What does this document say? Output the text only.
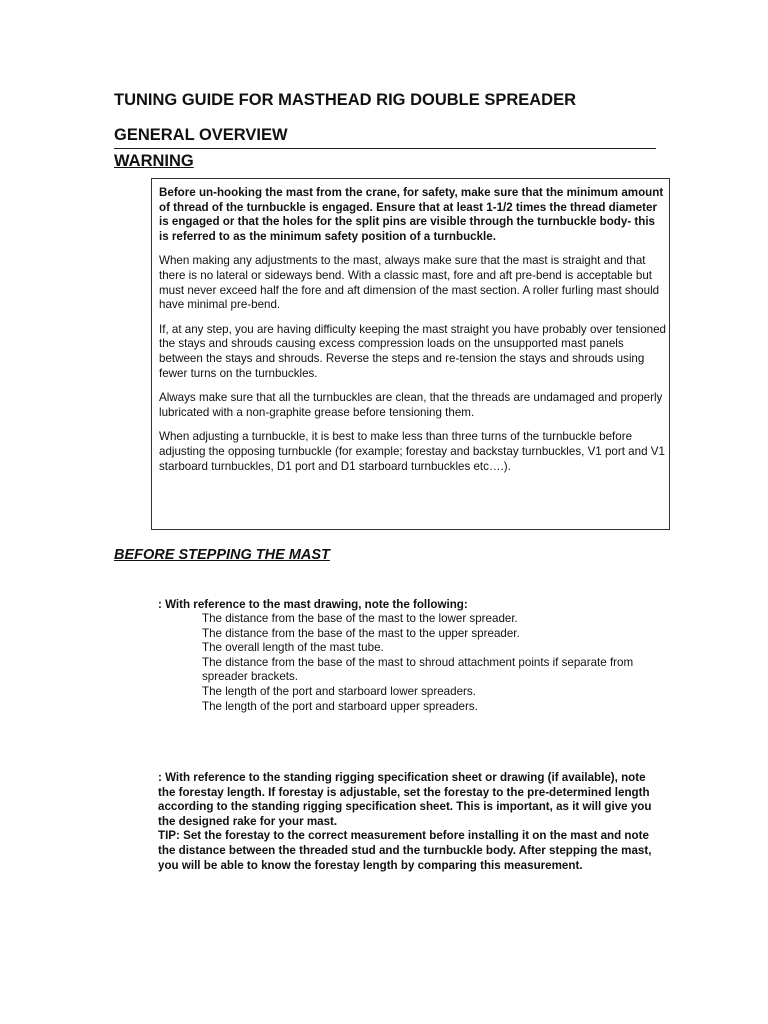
TUNING GUIDE FOR MASTHEAD RIG DOUBLE SPREADER
GENERAL OVERVIEW
WARNING

Before un-hooking the mast from the crane, for safety, make sure that the minimum amount of thread of the turnbuckle is engaged. Ensure that at least 1-1/2 times the thread diameter is engaged or that the holes for the split pins are visible through the turnbuckle body- this is referred to as the minimum safety position of a turnbuckle.

When making any adjustments to the mast, always make sure that the mast is straight and that there is no lateral or sideways bend. With a classic mast, fore and aft pre-bend is acceptable but must never exceed half the fore and aft dimension of the mast section. A roller furling mast should have minimal pre-bend.

If, at any step, you are having difficulty keeping the mast straight you have probably over tensioned the stays and shrouds causing excess compression loads on the unsupported mast panels between the stays and shrouds. Reverse the steps and re-tension the stays and shrouds using fewer turns on the turnbuckles.

Always make sure that all the turnbuckles are clean, that the threads are undamaged and properly lubricated with a non-graphite grease before tensioning them.

When adjusting a turnbuckle, it is best to make less than three turns of the turnbuckle before adjusting the opposing turnbuckle (for example; forestay and backstay turnbuckles, V1 port and V1 starboard turnbuckles, D1 port and D1 starboard turnbuckles etc….).

BEFORE STEPPING THE MAST
: With reference to the mast drawing, note the following:
The distance from the base of the mast to the lower spreader.
The distance from the base of the mast to the upper spreader.
The overall length of the mast tube.
The distance from the base of the mast to shroud attachment points if separate from spreader brackets.
The length of the port and starboard lower spreaders.
The length of the port and starboard upper spreaders.

: With reference to the standing rigging specification sheet or drawing (if available), note the forestay length. If forestay is adjustable, set the forestay to the pre-determined length according to the standing rigging specification sheet. This is important, as it will give you the designed rake for your mast.

TIP: Set the forestay to the correct measurement before installing it on the mast and note the distance between the threaded stud and the turnbuckle body. After stepping the mast, you will be able to know the forestay length by comparing this measurement.
